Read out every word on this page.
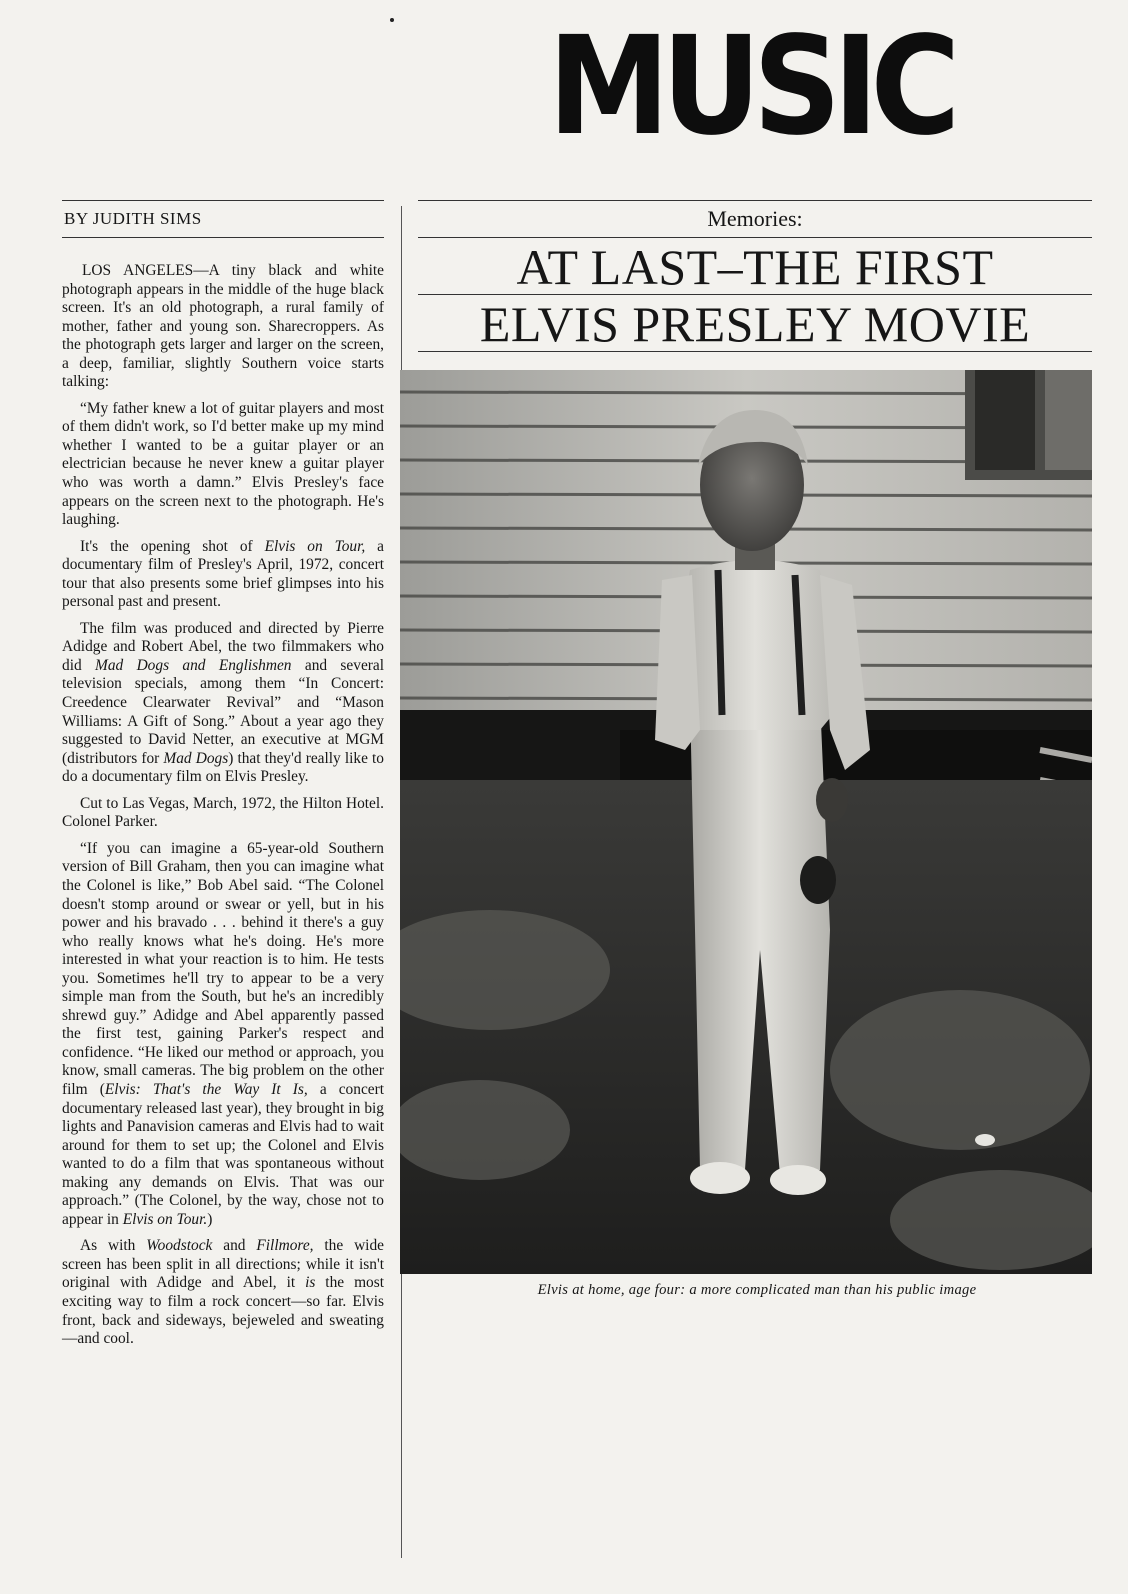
MUSIC
BY JUDITH SIMS

LOS ANGELES—A tiny black and white photograph appears in the middle of the huge black screen. It's an old photograph, a rural family of mother, father and young son. Sharecroppers. As the photograph gets larger and larger on the screen, a deep, familiar, slightly Southern voice starts talking:

“My father knew a lot of guitar players and most of them didn't work, so I'd better make up my mind whether I wanted to be a guitar player or an electrician because he never knew a guitar player who was worth a damn.” Elvis Presley's face appears on the screen next to the photograph. He's laughing.

It's the opening shot of Elvis on Tour, a documentary film of Presley's April, 1972, concert tour that also presents some brief glimpses into his personal past and present.

The film was produced and directed by Pierre Adidge and Robert Abel, the two filmmakers who did Mad Dogs and Englishmen and several television specials, among them “In Concert: Creedence Clearwater Revival” and “Mason Williams: A Gift of Song.” About a year ago they suggested to David Netter, an executive at MGM (distributors for Mad Dogs) that they'd really like to do a documentary film on Elvis Presley.

Cut to Las Vegas, March, 1972, the Hilton Hotel. Colonel Parker.

“If you can imagine a 65-year-old Southern version of Bill Graham, then you can imagine what the Colonel is like,” Bob Abel said. “The Colonel doesn't stomp around or swear or yell, but in his power and his bravado . . . behind it there's a guy who really knows what he's doing. He's more interested in what your reaction is to him. He tests you. Sometimes he'll try to appear to be a very simple man from the South, but he's an incredibly shrewd guy.” Adidge and Abel apparently passed the first test, gaining Parker's respect and confidence. “He liked our method or approach, you know, small cameras. The big problem on the other film (Elvis: That's the Way It Is, a concert documentary released last year), they brought in big lights and Panavision cameras and Elvis had to wait around for them to set up; the Colonel and Elvis wanted to do a film that was spontaneous without making any demands on Elvis. That was our approach.” (The Colonel, by the way, chose not to appear in Elvis on Tour.)

As with Woodstock and Fillmore, the wide screen has been split in all directions; while it isn't original with Adidge and Abel, it is the most exciting way to film a rock concert—so far. Elvis front, back and sideways, bejeweled and sweating—and cool.

Memories:
AT LAST–THE FIRST
ELVIS PRESLEY MOVIE
Elvis at home, age four: a more complicated man than his public image
